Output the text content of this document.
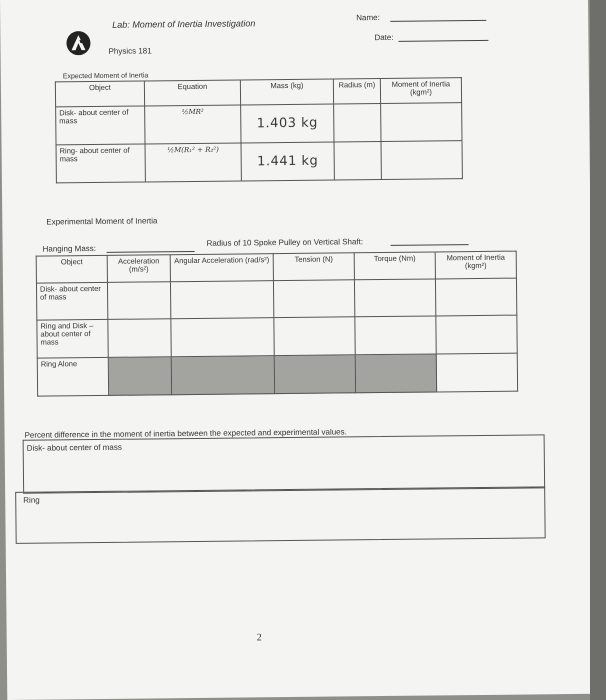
Lab: Moment of Inertia Investigation
Physics 181
Name:
Date:
Expected Moment of Inertia
Object	Equation	Mass (kg)	Radius (m)	Moment of Inertia (kgm²)
Disk- about center of mass	½MR²	1.403 kg		
Ring- about center of mass	½M(R₁² + R₂²)	1.441 kg		
Experimental Moment of Inertia
Hanging Mass:
Radius of 10 Spoke Pulley on Vertical Shaft:
Object	Acceleration (m/s²)	Angular Acceleration (rad/s²)	Tension (N)	Torque (Nm)	Moment of Inertia (kgm²)
Disk- about center of mass					
Ring and Disk – about center of mass					
Ring Alone					
Percent difference in the moment of inertia between the expected and experimental values.
Disk- about center of mass
Ring
2
